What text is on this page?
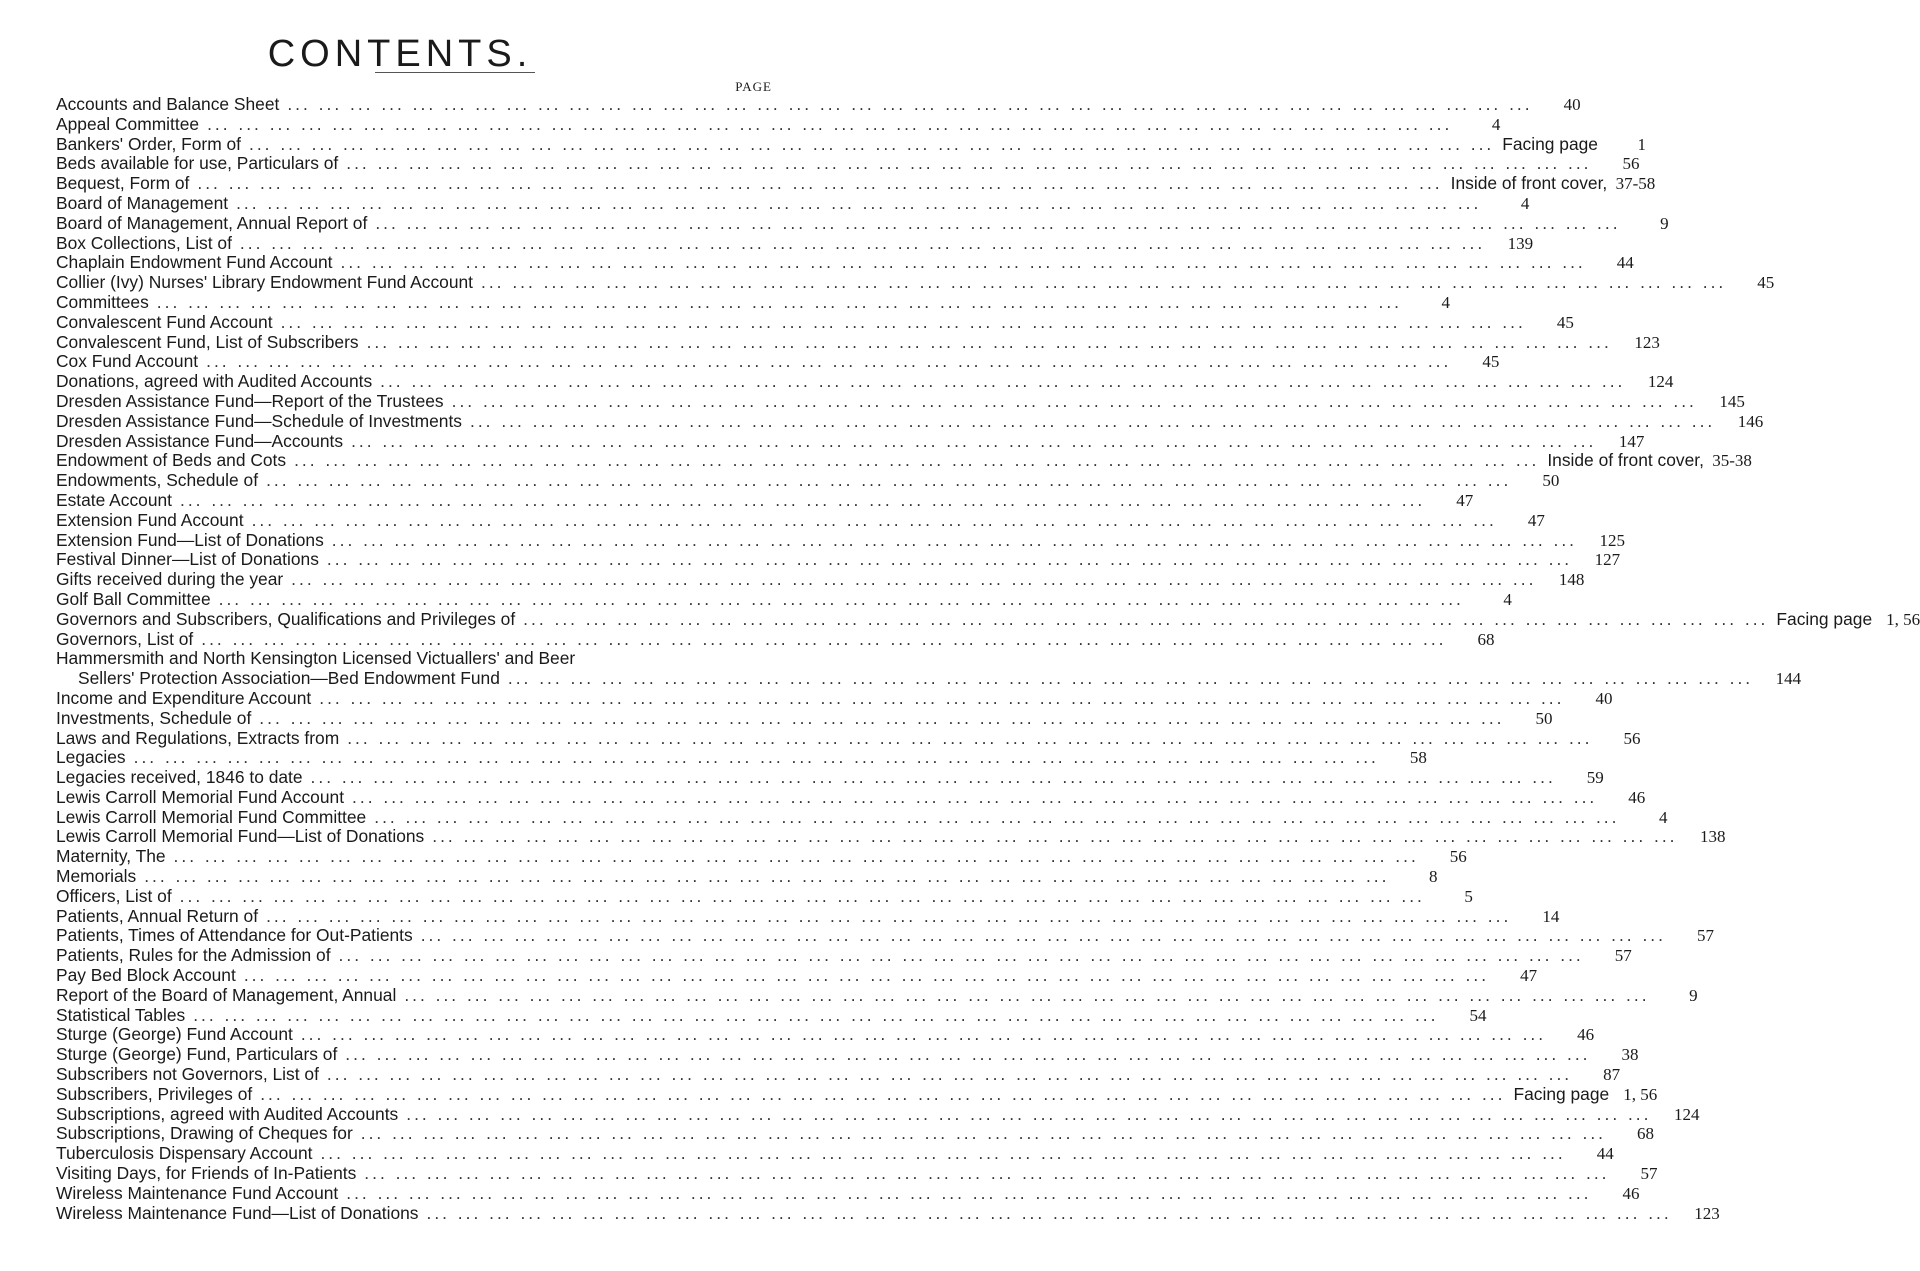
CONTENTS.
PAGE
Accounts and Balance Sheet ... ... ... ... ... ... ... ... ... ... ... ... ... ... ... ... ... ... ... ... ... ... ... ... ... ... ... ... ... ... ... ... ... ... ... ... ... ... ... ...	40
Appeal Committee ... ... ... ... ... ... ... ... ... ... ... ... ... ... ... ... ... ... ... ... ... ... ... ... ... ... ... ... ... ... ... ... ... ... ... ... ... ... ... ...	4
Bankers' Order, Form of ... ... ... ... ... ... ... ... ... ... ... ... ... ... ... ... ... ... ... ... ... ... ... ... ... ... ... ... ... ... ... ... ... ... ... ... ... ... ... ... Facing page	1
Beds available for use, Particulars of ... ... ... ... ... ... ... ... ... ... ... ... ... ... ... ... ... ... ... ... ... ... ... ... ... ... ... ... ... ... ... ... ... ... ... ... ... ... ... ...	56
Bequest, Form of ... ... ... ... ... ... ... ... ... ... ... ... ... ... ... ... ... ... ... ... ... ... ... ... ... ... ... ... ... ... ... ... ... ... ... ... ... ... ... ... Inside of front cover, 37-58
Board of Management ... ... ... ... ... ... ... ... ... ... ... ... ... ... ... ... ... ... ... ... ... ... ... ... ... ... ... ... ... ... ... ... ... ... ... ... ... ... ... ...	4
Board of Management, Annual Report of ... ... ... ... ... ... ... ... ... ... ... ... ... ... ... ... ... ... ... ... ... ... ... ... ... ... ... ... ... ... ... ... ... ... ... ... ... ... ... ...	9
Box Collections, List of ... ... ... ... ... ... ... ... ... ... ... ... ... ... ... ... ... ... ... ... ... ... ... ... ... ... ... ... ... ... ... ... ... ... ... ... ... ... ... ...	139
Chaplain Endowment Fund Account ... ... ... ... ... ... ... ... ... ... ... ... ... ... ... ... ... ... ... ... ... ... ... ... ... ... ... ... ... ... ... ... ... ... ... ... ... ... ... ...	44
Collier (Ivy) Nurses' Library Endowment Fund Account ... ... ... ... ... ... ... ... ... ... ... ... ... ... ... ... ... ... ... ... ... ... ... ... ... ... ... ... ... ... ... ... ... ... ... ... ... ... ... ...	45
Committees ... ... ... ... ... ... ... ... ... ... ... ... ... ... ... ... ... ... ... ... ... ... ... ... ... ... ... ... ... ... ... ... ... ... ... ... ... ... ... ...	4
Convalescent Fund Account ... ... ... ... ... ... ... ... ... ... ... ... ... ... ... ... ... ... ... ... ... ... ... ... ... ... ... ... ... ... ... ... ... ... ... ... ... ... ... ...	45
Convalescent Fund, List of Subscribers ... ... ... ... ... ... ... ... ... ... ... ... ... ... ... ... ... ... ... ... ... ... ... ... ... ... ... ... ... ... ... ... ... ... ... ... ... ... ... ...	123
Cox Fund Account ... ... ... ... ... ... ... ... ... ... ... ... ... ... ... ... ... ... ... ... ... ... ... ... ... ... ... ... ... ... ... ... ... ... ... ... ... ... ... ...	45
Donations, agreed with Audited Accounts ... ... ... ... ... ... ... ... ... ... ... ... ... ... ... ... ... ... ... ... ... ... ... ... ... ... ... ... ... ... ... ... ... ... ... ... ... ... ... ...	124
Dresden Assistance Fund—Report of the Trustees ... ... ... ... ... ... ... ... ... ... ... ... ... ... ... ... ... ... ... ... ... ... ... ... ... ... ... ... ... ... ... ... ... ... ... ... ... ... ... ...	145
Dresden Assistance Fund—Schedule of Investments ... ... ... ... ... ... ... ... ... ... ... ... ... ... ... ... ... ... ... ... ... ... ... ... ... ... ... ... ... ... ... ... ... ... ... ... ... ... ... ...	146
Dresden Assistance Fund—Accounts ... ... ... ... ... ... ... ... ... ... ... ... ... ... ... ... ... ... ... ... ... ... ... ... ... ... ... ... ... ... ... ... ... ... ... ... ... ... ... ...	147
Endowment of Beds and Cots ... ... ... ... ... ... ... ... ... ... ... ... ... ... ... ... ... ... ... ... ... ... ... ... ... ... ... ... ... ... ... ... ... ... ... ... ... ... ... ... Inside of front cover, 35-38
Endowments, Schedule of ... ... ... ... ... ... ... ... ... ... ... ... ... ... ... ... ... ... ... ... ... ... ... ... ... ... ... ... ... ... ... ... ... ... ... ... ... ... ... ...	50
Estate Account ... ... ... ... ... ... ... ... ... ... ... ... ... ... ... ... ... ... ... ... ... ... ... ... ... ... ... ... ... ... ... ... ... ... ... ... ... ... ... ...	47
Extension Fund Account ... ... ... ... ... ... ... ... ... ... ... ... ... ... ... ... ... ... ... ... ... ... ... ... ... ... ... ... ... ... ... ... ... ... ... ... ... ... ... ...	47
Extension Fund—List of Donations ... ... ... ... ... ... ... ... ... ... ... ... ... ... ... ... ... ... ... ... ... ... ... ... ... ... ... ... ... ... ... ... ... ... ... ... ... ... ... ...	125
Festival Dinner—List of Donations ... ... ... ... ... ... ... ... ... ... ... ... ... ... ... ... ... ... ... ... ... ... ... ... ... ... ... ... ... ... ... ... ... ... ... ... ... ... ... ...	127
Gifts received during the year ... ... ... ... ... ... ... ... ... ... ... ... ... ... ... ... ... ... ... ... ... ... ... ... ... ... ... ... ... ... ... ... ... ... ... ... ... ... ... ...	148
Golf Ball Committee ... ... ... ... ... ... ... ... ... ... ... ... ... ... ... ... ... ... ... ... ... ... ... ... ... ... ... ... ... ... ... ... ... ... ... ... ... ... ... ...	4
Governors and Subscribers, Qualifications and Privileges of ... ... ... ... ... ... ... ... ... ... ... ... ... ... ... ... ... ... ... ... ... ... ... ... ... ... ... ... ... ... ... ... ... ... ... ... ... ... ... ... Facing page 1, 56
Governors, List of ... ... ... ... ... ... ... ... ... ... ... ... ... ... ... ... ... ... ... ... ... ... ... ... ... ... ... ... ... ... ... ... ... ... ... ... ... ... ... ...	68
Hammersmith and North Kensington Licensed Victuallers' and Beer
Sellers' Protection Association—Bed Endowment Fund ... ... ... ... ... ... ... ... ... ... ... ... ... ... ... ... ... ... ... ... ... ... ... ... ... ... ... ... ... ... ... ... ... ... ... ... ... ... ... ...	144
Income and Expenditure Account ... ... ... ... ... ... ... ... ... ... ... ... ... ... ... ... ... ... ... ... ... ... ... ... ... ... ... ... ... ... ... ... ... ... ... ... ... ... ... ...	40
Investments, Schedule of ... ... ... ... ... ... ... ... ... ... ... ... ... ... ... ... ... ... ... ... ... ... ... ... ... ... ... ... ... ... ... ... ... ... ... ... ... ... ... ...	50
Laws and Regulations, Extracts from ... ... ... ... ... ... ... ... ... ... ... ... ... ... ... ... ... ... ... ... ... ... ... ... ... ... ... ... ... ... ... ... ... ... ... ... ... ... ... ...	56
Legacies ... ... ... ... ... ... ... ... ... ... ... ... ... ... ... ... ... ... ... ... ... ... ... ... ... ... ... ... ... ... ... ... ... ... ... ... ... ... ... ...	58
Legacies received, 1846 to date ... ... ... ... ... ... ... ... ... ... ... ... ... ... ... ... ... ... ... ... ... ... ... ... ... ... ... ... ... ... ... ... ... ... ... ... ... ... ... ...	59
Lewis Carroll Memorial Fund Account ... ... ... ... ... ... ... ... ... ... ... ... ... ... ... ... ... ... ... ... ... ... ... ... ... ... ... ... ... ... ... ... ... ... ... ... ... ... ... ...	46
Lewis Carroll Memorial Fund Committee ... ... ... ... ... ... ... ... ... ... ... ... ... ... ... ... ... ... ... ... ... ... ... ... ... ... ... ... ... ... ... ... ... ... ... ... ... ... ... ...	4
Lewis Carroll Memorial Fund—List of Donations ... ... ... ... ... ... ... ... ... ... ... ... ... ... ... ... ... ... ... ... ... ... ... ... ... ... ... ... ... ... ... ... ... ... ... ... ... ... ... ...	138
Maternity, The ... ... ... ... ... ... ... ... ... ... ... ... ... ... ... ... ... ... ... ... ... ... ... ... ... ... ... ... ... ... ... ... ... ... ... ... ... ... ... ...	56
Memorials ... ... ... ... ... ... ... ... ... ... ... ... ... ... ... ... ... ... ... ... ... ... ... ... ... ... ... ... ... ... ... ... ... ... ... ... ... ... ... ...	8
Officers, List of ... ... ... ... ... ... ... ... ... ... ... ... ... ... ... ... ... ... ... ... ... ... ... ... ... ... ... ... ... ... ... ... ... ... ... ... ... ... ... ...	5
Patients, Annual Return of ... ... ... ... ... ... ... ... ... ... ... ... ... ... ... ... ... ... ... ... ... ... ... ... ... ... ... ... ... ... ... ... ... ... ... ... ... ... ... ...	14
Patients, Times of Attendance for Out-Patients ... ... ... ... ... ... ... ... ... ... ... ... ... ... ... ... ... ... ... ... ... ... ... ... ... ... ... ... ... ... ... ... ... ... ... ... ... ... ... ...	57
Patients, Rules for the Admission of ... ... ... ... ... ... ... ... ... ... ... ... ... ... ... ... ... ... ... ... ... ... ... ... ... ... ... ... ... ... ... ... ... ... ... ... ... ... ... ...	57
Pay Bed Block Account ... ... ... ... ... ... ... ... ... ... ... ... ... ... ... ... ... ... ... ... ... ... ... ... ... ... ... ... ... ... ... ... ... ... ... ... ... ... ... ...	47
Report of the Board of Management, Annual ... ... ... ... ... ... ... ... ... ... ... ... ... ... ... ... ... ... ... ... ... ... ... ... ... ... ... ... ... ... ... ... ... ... ... ... ... ... ... ...	9
Statistical Tables ... ... ... ... ... ... ... ... ... ... ... ... ... ... ... ... ... ... ... ... ... ... ... ... ... ... ... ... ... ... ... ... ... ... ... ... ... ... ... ...	54
Sturge (George) Fund Account ... ... ... ... ... ... ... ... ... ... ... ... ... ... ... ... ... ... ... ... ... ... ... ... ... ... ... ... ... ... ... ... ... ... ... ... ... ... ... ...	46
Sturge (George) Fund, Particulars of ... ... ... ... ... ... ... ... ... ... ... ... ... ... ... ... ... ... ... ... ... ... ... ... ... ... ... ... ... ... ... ... ... ... ... ... ... ... ... ...	38
Subscribers not Governors, List of ... ... ... ... ... ... ... ... ... ... ... ... ... ... ... ... ... ... ... ... ... ... ... ... ... ... ... ... ... ... ... ... ... ... ... ... ... ... ... ...	87
Subscribers, Privileges of ... ... ... ... ... ... ... ... ... ... ... ... ... ... ... ... ... ... ... ... ... ... ... ... ... ... ... ... ... ... ... ... ... ... ... ... ... ... ... ... Facing page 1, 56
Subscriptions, agreed with Audited Accounts ... ... ... ... ... ... ... ... ... ... ... ... ... ... ... ... ... ... ... ... ... ... ... ... ... ... ... ... ... ... ... ... ... ... ... ... ... ... ... ...	124
Subscriptions, Drawing of Cheques for ... ... ... ... ... ... ... ... ... ... ... ... ... ... ... ... ... ... ... ... ... ... ... ... ... ... ... ... ... ... ... ... ... ... ... ... ... ... ... ...	68
Tuberculosis Dispensary Account ... ... ... ... ... ... ... ... ... ... ... ... ... ... ... ... ... ... ... ... ... ... ... ... ... ... ... ... ... ... ... ... ... ... ... ... ... ... ... ...	44
Visiting Days, for Friends of In-Patients ... ... ... ... ... ... ... ... ... ... ... ... ... ... ... ... ... ... ... ... ... ... ... ... ... ... ... ... ... ... ... ... ... ... ... ... ... ... ... ...	57
Wireless Maintenance Fund Account ... ... ... ... ... ... ... ... ... ... ... ... ... ... ... ... ... ... ... ... ... ... ... ... ... ... ... ... ... ... ... ... ... ... ... ... ... ... ... ...	46
Wireless Maintenance Fund—List of Donations ... ... ... ... ... ... ... ... ... ... ... ... ... ... ... ... ... ... ... ... ... ... ... ... ... ... ... ... ... ... ... ... ... ... ... ... ... ... ... ...	123
